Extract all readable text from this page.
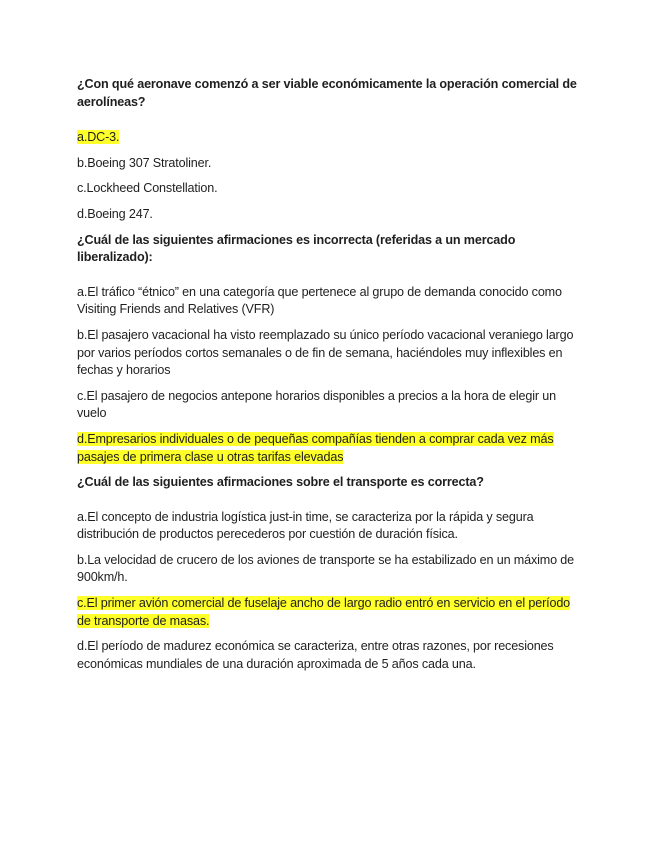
¿Con qué aeronave comenzó a ser viable económicamente la operación comercial de aerolíneas?

a.DC-3.

b.Boeing 307 Stratoliner.

c.Lockheed Constellation.

d.Boeing 247.

¿Cuál de las siguientes afirmaciones es incorrecta (referidas a un mercado liberalizado):

a.El tráfico “étnico” en una categoría que pertenece al grupo de demanda conocido como Visiting Friends and Relatives (VFR)

b.El pasajero vacacional ha visto reemplazado su único período vacacional veraniego largo por varios períodos cortos semanales o de fin de semana, haciéndoles muy inflexibles en fechas y horarios

c.El pasajero de negocios antepone horarios disponibles a precios a la hora de elegir un vuelo

d.Empresarios individuales o de pequeñas compañías tienden a comprar cada vez más pasajes de primera clase u otras tarifas elevadas

¿Cuál de las siguientes afirmaciones sobre el transporte es correcta?

a.El concepto de industria logística just-in time, se caracteriza por la rápida y segura distribución de productos perecederos por cuestión de duración física.

b.La velocidad de crucero de los aviones de transporte se ha estabilizado en un máximo de 900km/h.

c.El primer avión comercial de fuselaje ancho de largo radio entró en servicio en el período de transporte de masas.

d.El período de madurez económica se caracteriza, entre otras razones, por recesiones económicas mundiales de una duración aproximada de 5 años cada una.
